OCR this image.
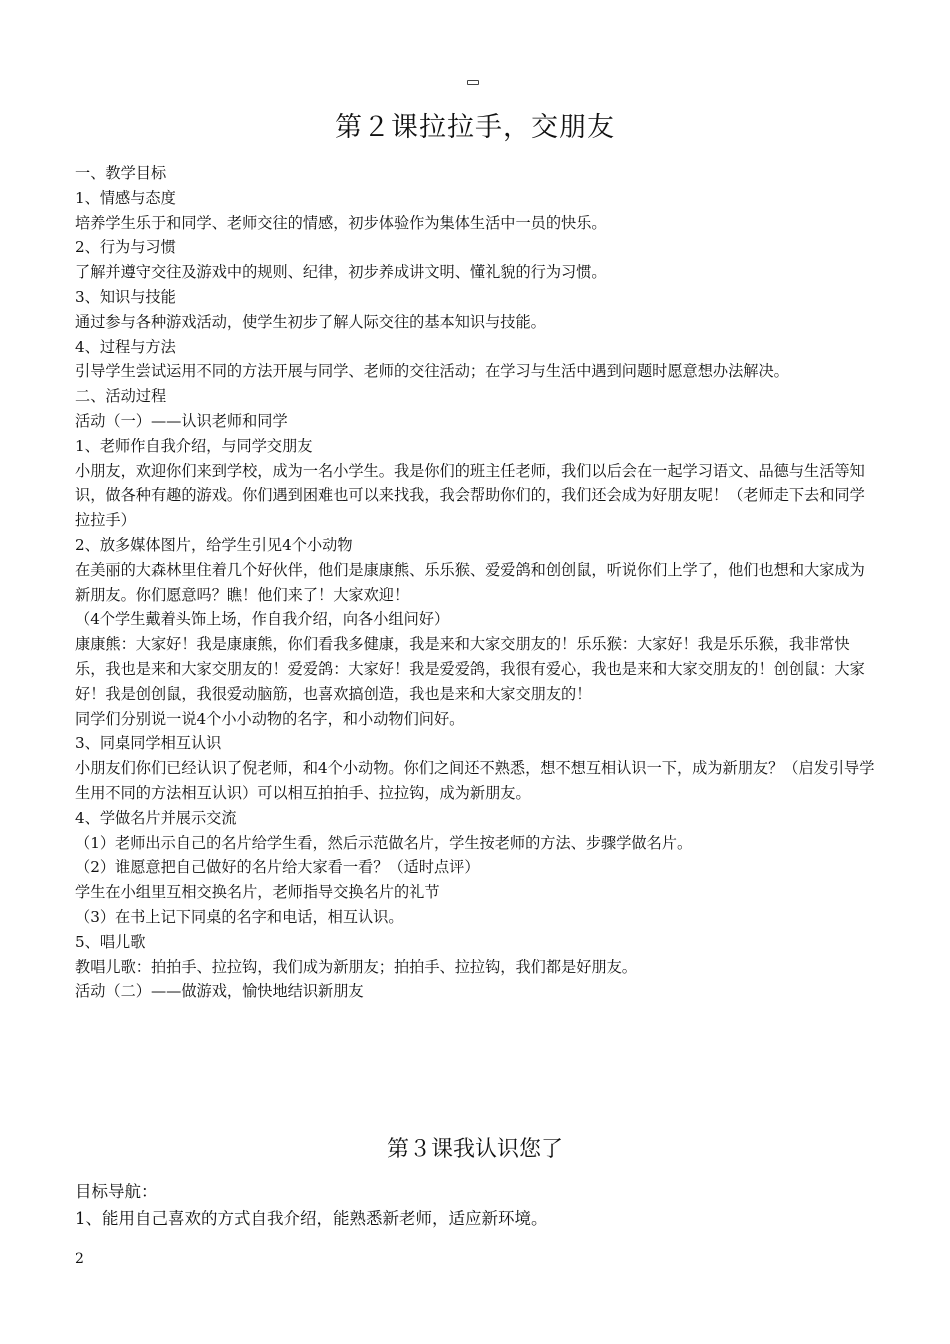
第２课拉拉手，交朋友

一、教学目标

1、情感与态度

培养学生乐于和同学、老师交往的情感，初步体验作为集体生活中一员的快乐。

2、行为与习惯

了解并遵守交往及游戏中的规则、纪律，初步养成讲文明、懂礼貌的行为习惯。

3、知识与技能

通过参与各种游戏活动，使学生初步了解人际交往的基本知识与技能。

4、过程与方法

引导学生尝试运用不同的方法开展与同学、老师的交往活动；在学习与生活中遇到问题时愿意想办法解决。

二、活动过程

活动（一）——认识老师和同学

1、老师作自我介绍，与同学交朋友

小朋友，欢迎你们来到学校，成为一名小学生。我是你们的班主任老师，我们以后会在一起学习语文、品德与生活等知识，做各种有趣的游戏。你们遇到困难也可以来找我，我会帮助你们的，我们还会成为好朋友呢！（老师走下去和同学拉拉手）

2、放多媒体图片，给学生引见4个小动物

在美丽的大森林里住着几个好伙伴，他们是康康熊、乐乐猴、爱爱鸽和创创鼠，听说你们上学了，他们也想和大家成为新朋友。你们愿意吗？瞧！他们来了！大家欢迎！

（4个学生戴着头饰上场，作自我介绍，向各小组问好）

康康熊：大家好！我是康康熊，你们看我多健康，我是来和大家交朋友的！乐乐猴：大家好！我是乐乐猴，我非常快乐，我也是来和大家交朋友的！爱爱鸽：大家好！我是爱爱鸽，我很有爱心，我也是来和大家交朋友的！创创鼠：大家好！我是创创鼠，我很爱动脑筋，也喜欢搞创造，我也是来和大家交朋友的！

同学们分别说一说4个小小动物的名字，和小动物们问好。

3、同桌同学相互认识

小朋友们你们已经认识了倪老师，和4个小动物。你们之间还不熟悉，想不想互相认识一下，成为新朋友？（启发引导学生用不同的方法相互认识）可以相互拍拍手、拉拉钩，成为新朋友。

4、学做名片并展示交流

（1）老师出示自己的名片给学生看，然后示范做名片，学生按老师的方法、步骤学做名片。

（2）谁愿意把自己做好的名片给大家看一看？（适时点评）

学生在小组里互相交换名片，老师指导交换名片的礼节

（3）在书上记下同桌的名字和电话，相互认识。

5、唱儿歌

教唱儿歌：拍拍手、拉拉钩，我们成为新朋友；拍拍手、拉拉钩，我们都是好朋友。

活动（二）——做游戏，愉快地结识新朋友

第３课我认识您了

目标导航：

1、能用自己喜欢的方式自我介绍，能熟悉新老师，适应新环境。

2
